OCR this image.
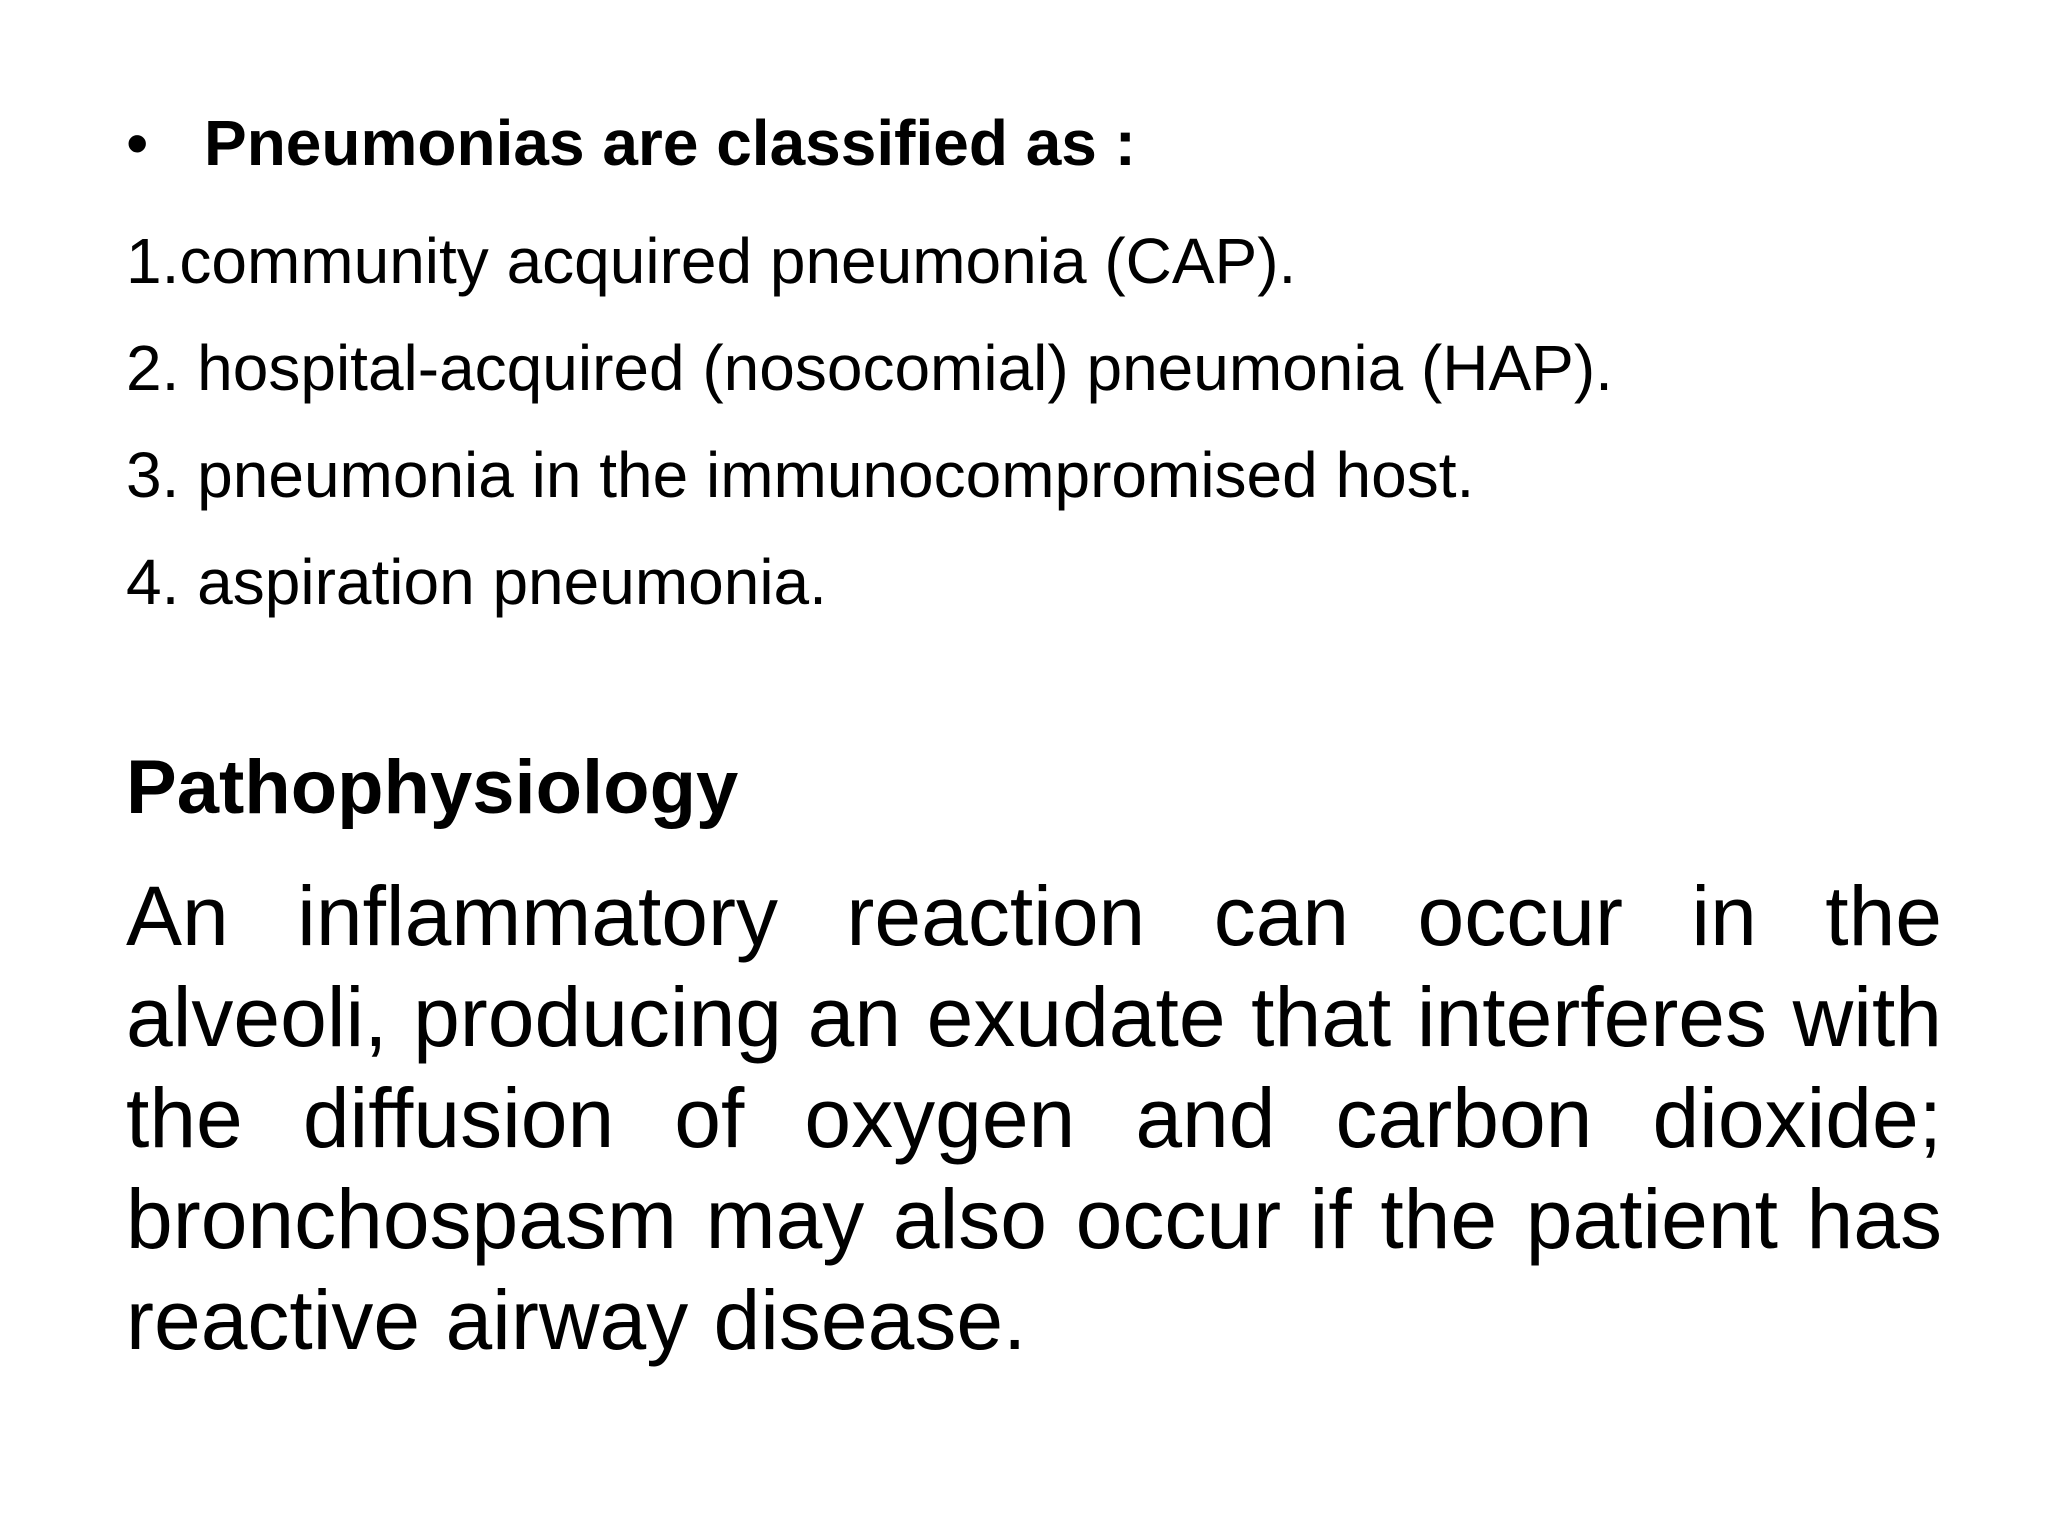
• Pneumonias are classified as :
1.community acquired pneumonia (CAP).
2. hospital-acquired (nosocomial) pneumonia (HAP).
3. pneumonia in the immunocompromised host.
4. aspiration pneumonia.
Pathophysiology

An inflammatory reaction can occur in the alveoli, producing an exudate that interferes with the diffusion of oxygen and carbon dioxide; bronchospasm may also occur if the patient has reactive airway disease.
